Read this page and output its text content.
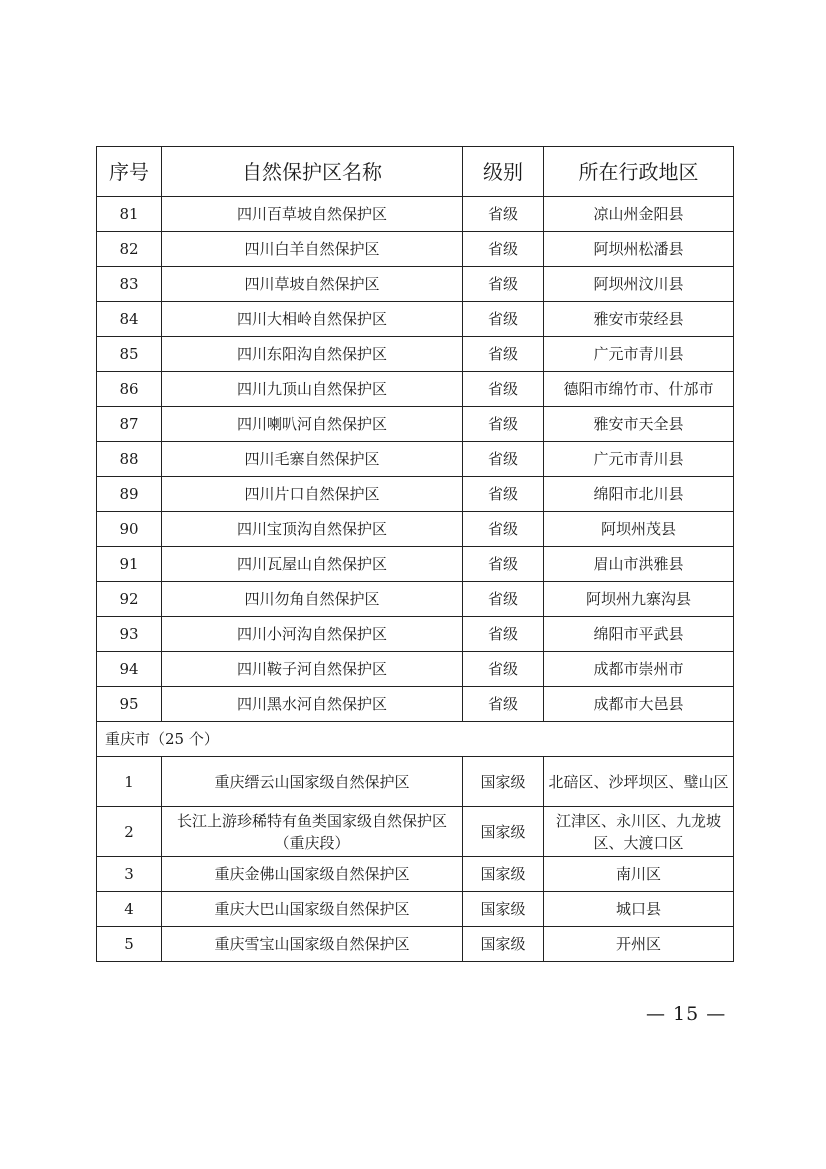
序号	自然保护区名称	级别	所在行政地区
81	四川百草坡自然保护区	省级	凉山州金阳县
82	四川白羊自然保护区	省级	阿坝州松潘县
83	四川草坡自然保护区	省级	阿坝州汶川县
84	四川大相岭自然保护区	省级	雅安市荥经县
85	四川东阳沟自然保护区	省级	广元市青川县
86	四川九顶山自然保护区	省级	德阳市绵竹市、什邡市
87	四川喇叭河自然保护区	省级	雅安市天全县
88	四川毛寨自然保护区	省级	广元市青川县
89	四川片口自然保护区	省级	绵阳市北川县
90	四川宝顶沟自然保护区	省级	阿坝州茂县
91	四川瓦屋山自然保护区	省级	眉山市洪雅县
92	四川勿角自然保护区	省级	阿坝州九寨沟县
93	四川小河沟自然保护区	省级	绵阳市平武县
94	四川鞍子河自然保护区	省级	成都市崇州市
95	四川黑水河自然保护区	省级	成都市大邑县
重庆市（25 个）			
1	重庆缙云山国家级自然保护区	国家级	北碚区、沙坪坝区、璧山区
2	长江上游珍稀特有鱼类国家级自然保护区（重庆段）	国家级	江津区、永川区、九龙坡区、大渡口区
3	重庆金佛山国家级自然保护区	国家级	南川区
4	重庆大巴山国家级自然保护区	国家级	城口县
5	重庆雪宝山国家级自然保护区	国家级	开州区
— 15 —
